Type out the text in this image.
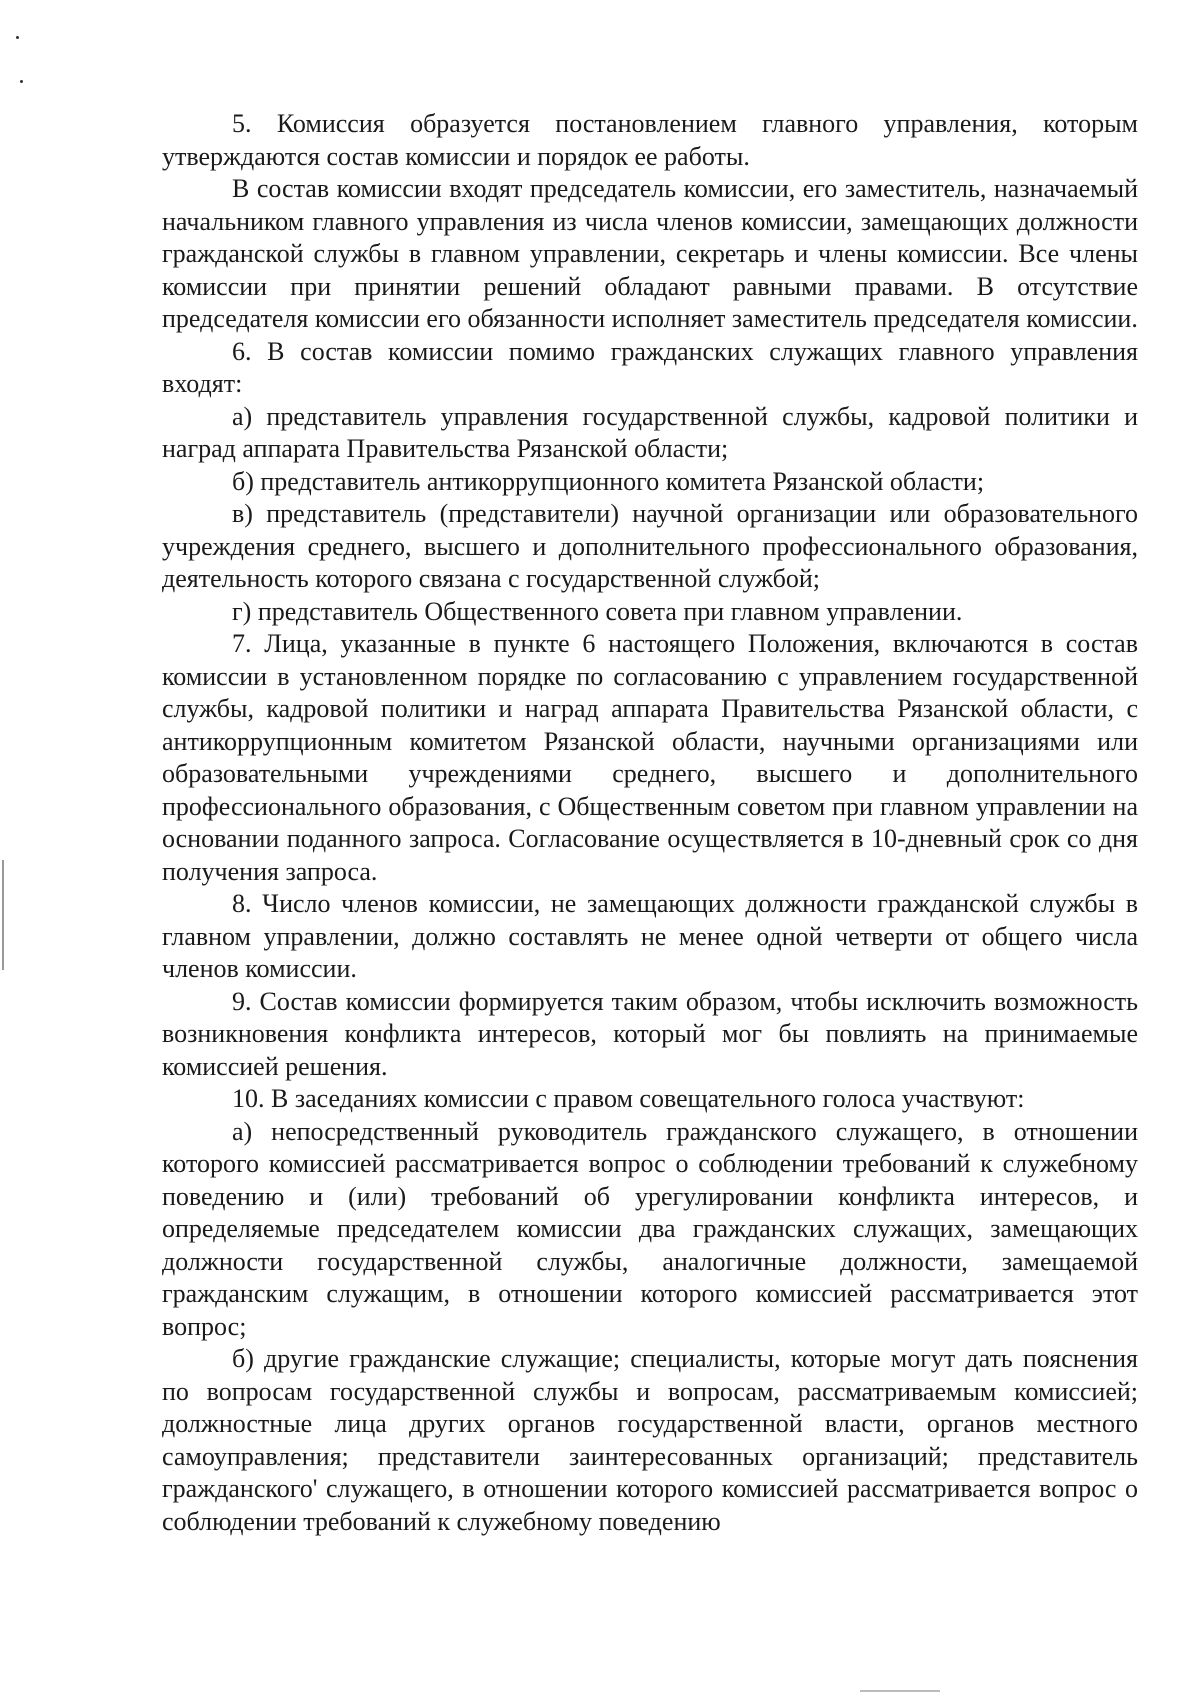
5. Комиссия образуется постановлением главного управления, которым утверждаются состав комиссии и порядок ее работы.

В состав комиссии входят председатель комиссии, его заместитель, назначаемый начальником главного управления из числа членов комиссии, замещающих должности гражданской службы в главном управлении, секретарь и члены комиссии. Все члены комиссии при принятии решений обладают равными правами. В отсутствие председателя комиссии его обязанности исполняет заместитель председателя комиссии.

6. В состав комиссии помимо гражданских служащих главного управления входят:

а) представитель управления государственной службы, кадровой политики и наград аппарата Правительства Рязанской области;

б) представитель антикоррупционного комитета Рязанской области;

в) представитель (представители) научной организации или образовательного учреждения среднего, высшего и дополнительного профессионального образования, деятельность которого связана с государственной службой;

г) представитель Общественного совета при главном управлении.

7. Лица, указанные в пункте 6 настоящего Положения, включаются в состав комиссии в установленном порядке по согласованию с управлением государственной службы, кадровой политики и наград аппарата Правительства Рязанской области, с антикоррупционным комитетом Рязанской области, научными организациями или образовательными учреждениями среднего, высшего и дополнительного профессионального образования, с Общественным советом при главном управлении на основании поданного запроса. Согласование осуществляется в 10-дневный срок со дня получения запроса.

8. Число членов комиссии, не замещающих должности гражданской службы в главном управлении, должно составлять не менее одной четверти от общего числа членов комиссии.

9. Состав комиссии формируется таким образом, чтобы исключить возможность возникновения конфликта интересов, который мог бы повлиять на принимаемые комиссией решения.

10. В заседаниях комиссии с правом совещательного голоса участвуют:

а) непосредственный руководитель гражданского служащего, в отношении которого комиссией рассматривается вопрос о соблюдении требований к служебному поведению и (или) требований об урегулировании конфликта интересов, и определяемые председателем комиссии два гражданских служащих, замещающих должности государственной службы, аналогичные должности, замещаемой гражданским служащим, в отношении которого комиссией рассматривается этот вопрос;

б) другие гражданские служащие; специалисты, которые могут дать пояснения по вопросам государственной службы и вопросам, рассматриваемым комиссией; должностные лица других органов государственной власти, органов местного самоуправления; представители заинтересованных организаций; представитель гражданского' служащего, в отношении которого комиссией рассматривается вопрос о соблюдении требований к служебному поведению
